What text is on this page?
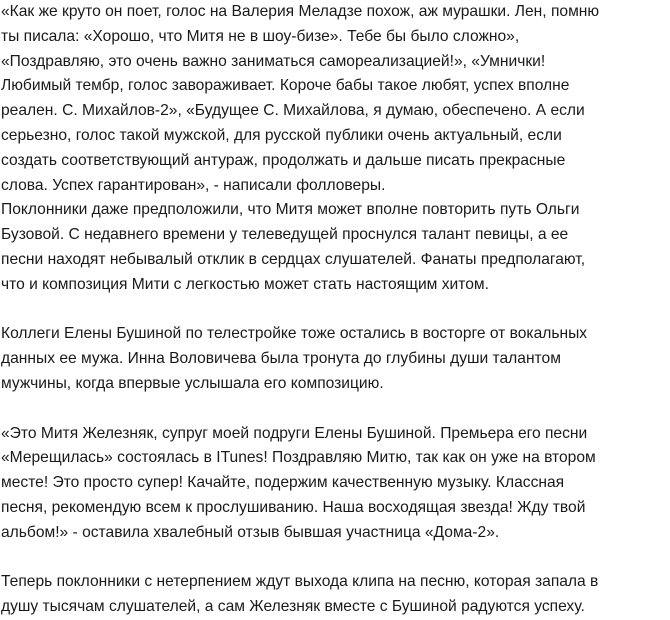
«Как же круто он поет, голос на Валерия Меладзе похож, аж мурашки. Лен, помню
ты писала: «Хорошо, что Митя не в шоу-бизе». Тебе бы было сложно»,
«Поздравляю, это очень важно заниматься самореализацией!», «Умнички!
Любимый тембр, голос завораживает. Короче бабы такое любят, успех вполне
реален. С. Михайлов-2», «Будущее С. Михайлова, я думаю, обеспечено. А если
серьезно, голос такой мужской, для русской публики очень актуальный, если
создать соответствующий антураж, продолжать и дальше писать прекрасные
слова. Успех гарантирован», - написали фолловеры.

Поклонники даже предположили, что Митя может вполне повторить путь Ольги
Бузовой. С недавнего времени у телеведущей проснулся талант певицы, а ее
песни находят небывалый отклик в сердцах слушателей. Фанаты предполагают,
что и композиция Мити с легкостью может стать настоящим хитом.

Коллеги Елены Бушиной по телестройке тоже остались в восторге от вокальных
данных ее мужа. Инна Воловичева была тронута до глубины души талантом
мужчины, когда впервые услышала его композицию.

«Это Митя Железняк, супруг моей подруги Елены Бушиной. Премьера его песни
«Мерещилась» состоялась в ITunes! Поздравляю Митю, так как он уже на втором
месте! Это просто супер! Качайте, подержим качественную музыку. Классная
песня, рекомендую всем к прослушиванию. Наша восходящая звезда! Жду твой
альбом!» - оставила хвалебный отзыв бывшая участница «Дома-2».

Теперь поклонники с нетерпением ждут выхода клипа на песню, которая запала в
душу тысячам слушателей, а сам Железняк вместе с Бушиной радуются успеху.
